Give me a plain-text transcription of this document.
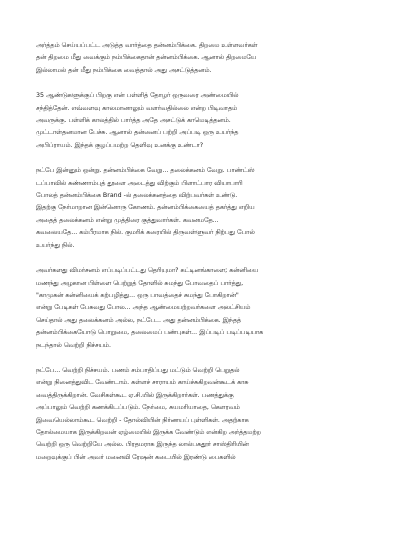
அர்த்தம் செய்யப்பட்ட அடுத்த வார்த்தை தன்னம்பிக்கை. திறமை உள்ளவர்கள்
தன் திறமை மீது வைக்கும் நம்பிக்கைதான் தன்னம்பிக்கை. ஆனால் திறமையே
இல்லாமல் தன் மீது நம்பிக்கை வைத்தால் அது அசட்டுத்தனம்.
35 ஆண்டுகளுக்குப் பிறகு என் பள்ளித் தோழர் ஒருவரை அண்மையில்
சந்தித்தேன். எவ்வளவு காலமானாலும் வளர்வதில்லை என்ற பிடிவாதம்
அவருக்கு. பள்ளிக் காலத்தில் பார்த்த அதே அசட்டுக் காமெடித்தனம்.
முட்டாள்தனமான பேச்சு. ஆனால் தன்னைப் பற்றி அப்படி ஒரு உயர்ந்த
அபிப்ராயம். இந்தக் குழப்பமற்ற தெளிவு உனக்கு உண்டா?
நட்பே இன்னும் ஒன்று. தன்னம்பிக்கை வேறு... தலைக்கனம் வேறு. பாண்ட்ஸ்
டப்பாவில் சுண்ணாம்புத் தூளை அடைத்து விற்கும் பிளாட்பார வியாபாரி
போலத் தன்னம்பிக்கை Brand -ல் தலைக்கனத்தை விற்பவர்கள் உண்டு.
இதற்கு நேர்மாறான இன்னொரு கோணம். தன்னம்பிக்கையைத் தகர்த்து எறிய
அதைத் தலைக்கனம் என்று முத்திரை குத்துவார்கள். கவனமதே...
கவலையதே... கம்பீரமாக நில். குமரிக் கரையில் திருவள்ளுவர் நிற்பது போல்
உயர்ந்து நில்.
அவர்களது விமர்சனம் எப்படிப்பட்டது தெரியுமா? கட்டினங்காளை; கன்னியை
மணந்து அழகான பிள்ளை பெற்றுத் தோளில் சுமந்து போவதைப் பார்த்து,
"காமுகன் கன்னியைக் கற்பழித்து... ஒரு பாவத்தைச் சுமந்து போகிறான்"
என்று பேடிகள் பேசுவது போல... அந்த ஆண்மையற்றவர்களை அலட்சியம்
செய்தால் அது தலைக்கனம் அல்ல, நட்பே... அது தன்னம்பிக்கை. இந்தத்
தன்னம்பிக்கையோடு பொறுமை, தலைமைப் பண்புகள்... இப்படிப் படிப்படியாக
நடந்தால் வெற்றி நிச்சயம்.
நட்பே... வெற்றி நிச்சயம். பணம் சம்பாதிப்பது மட்டும் வெற்றி பெறுதல்
என்று நினைத்துவிட வேண்டாம். கள்ளச் சாராயம் காய்ச்சுகிறவன்கூடக் காசு
வைத்திருக்கிறான். வேசிகள்கூட ஏ.சி.யில் இருக்கிறார்கள். பணத்துக்கு
அப்பாலும் வெற்றி கணக்கிடப்படும். நேர்மை, சுயமரியாதை, கௌரவம்
இவையெல்லாம்கூட வெற்றி - தோல்வியின் நிர்ணயப் புள்ளிகள். அதற்காக
தோல்மையாக இருக்கிறவன் ஏழ்மையில் இருக்க வேண்டும் என்கிற அர்த்தமற்ற
வெற்றி ஒரு வெற்றியே அல்ல. பிரதமராக இருந்த லால்பகதூர் சாஸ்திரியின்
மறைவுக்குப் பின் அவர் மனைவி ரேஷன் கடையில் இரண்டு பைகளில்
